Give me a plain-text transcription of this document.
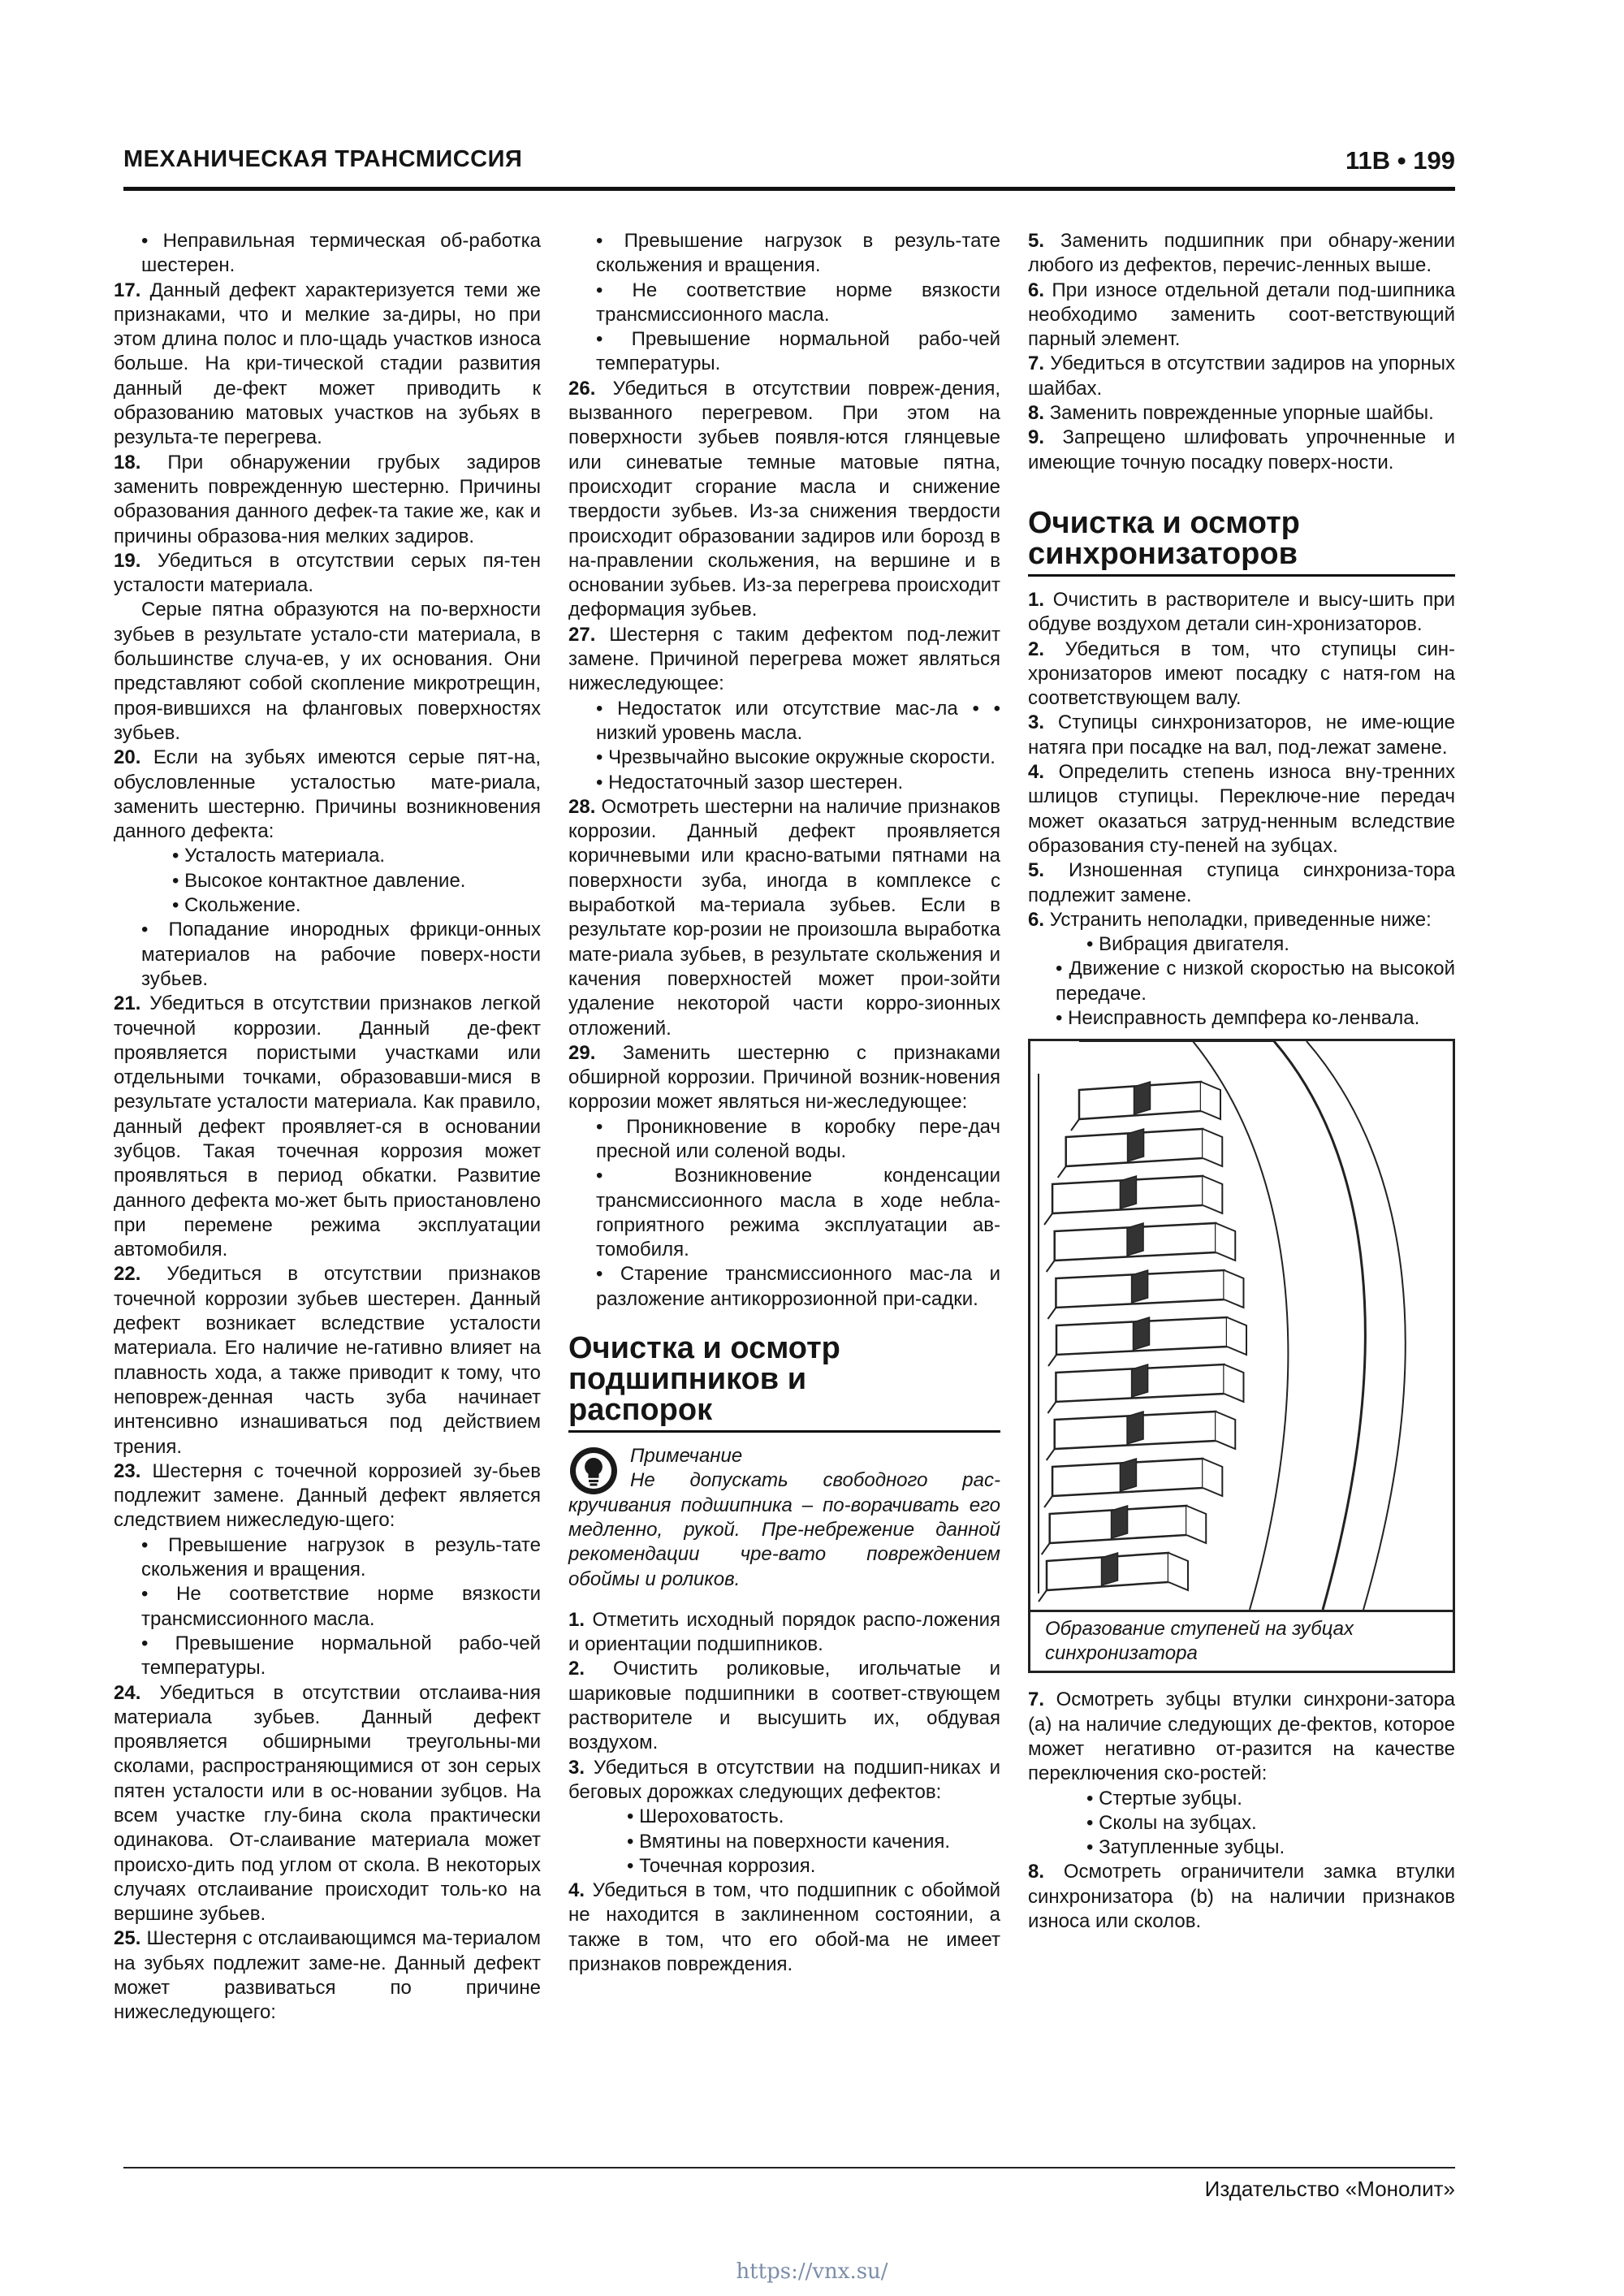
МЕХАНИЧЕСКАЯ ТРАНСМИССИЯ	11B • 199

• Неправильная термическая об-работка шестерен.

17. Данный дефект характеризуется теми же признаками, что и мелкие за-диры, но при этом длина полос и пло-щадь участков износа больше. На кри-тической стадии развития данный де-фект может приводить к образованию матовых участков на зубьях в результа-те перегрева.

18. При обнаружении грубых задиров заменить поврежденную шестерню. Причины образования данного дефек-та такие же, как и причины образова-ния мелких задиров.

19. Убедиться в отсутствии серых пя-тен усталости материала.

Серые пятна образуются на по-верхности зубьев в результате устало-сти материала, в большинстве случа-ев, у их основания. Они представляют собой скопление микротрещин, проя-вившихся на фланговых поверхностях зубьев.

20. Если на зубьях имеются серые пят-на, обусловленные усталостью мате-риала, заменить шестерню. Причины возникновения данного дефекта:

• Усталость материала.

• Высокое контактное давление.

• Скольжение.

• Попадание инородных фрикци-онных материалов на рабочие поверх-ности зубьев.

21. Убедиться в отсутствии признаков легкой точечной коррозии. Данный де-фект проявляется пористыми участками или отдельными точками, образовавши-мися в результате усталости материала. Как правило, данный дефект проявляет-ся в основании зубцов. Такая точечная коррозия может проявляться в период обкатки. Развитие данного дефекта мо-жет быть приостановлено при перемене режима эксплуатации автомобиля.

22. Убедиться в отсутствии признаков точечной коррозии зубьев шестерен. Данный дефект возникает вследствие усталости материала. Его наличие не-гативно влияет на плавность хода, а также приводит к тому, что неповреж-денная часть зуба начинает интенсивно изнашиваться под действием трения.

23. Шестерня с точечной коррозией зу-бьев подлежит замене. Данный дефект является следствием нижеследую-щего:

• Превышение нагрузок в резуль-тате скольжения и вращения.

• Не соответствие норме вязкости трансмиссионного масла.

• Превышение нормальной рабо-чей температуры.

24. Убедиться в отсутствии отслаива-ния материала зубьев. Данный дефект проявляется обширными треугольны-ми сколами, распространяющимися от зон серых пятен усталости или в ос-новании зубцов. На всем участке глу-бина скола практически одинакова. От-слаивание материала может происхо-дить под углом от скола. В некоторых случаях отслаивание происходит толь-ко на вершине зубьев.

25. Шестерня с отслаивающимся ма-териалом на зубьях подлежит заме-не. Данный дефект может развиваться по причине нижеследующего:

• Превышение нагрузок в резуль-тате скольжения и вращения.

• Не соответствие норме вязкости трансмиссионного масла.

• Превышение нормальной рабо-чей температуры.

26. Убедиться в отсутствии повреж-дения, вызванного перегревом. При этом на поверхности зубьев появля-ются глянцевые или синеватые темные матовые пятна, происходит сгорание масла и снижение твердости зубьев. Из-за снижения твердости происходит образовании задиров или борозд в на-правлении скольжения, на вершине и в основании зубьев. Из-за перегрева происходит деформация зубьев.

27. Шестерня с таким дефектом под-лежит замене. Причиной перегрева может являться нижеследующее:

• Недостаток или отсутствие мас-ла • • низкий уровень масла.

• Чрезвычайно высокие окружные скорости.

• Недостаточный зазор шестерен.

28. Осмотреть шестерни на наличие признаков коррозии. Данный дефект проявляется коричневыми или красно-ватыми пятнами на поверхности зуба, иногда в комплексе с выработкой ма-териала зубьев. Если в результате кор-розии не произошла выработка мате-риала зубьев, в результате скольжения и качения поверхностей может прои-зойти удаление некоторой части корро-зионных отложений.

29. Заменить шестерню с признаками обширной коррозии. Причиной возник-новения коррозии может являться ни-жеследующее:

• Проникновение в коробку пере-дач пресной или соленой воды.

• Возникновение конденсации трансмиссионного масла в ходе небла-гоприятного режима эксплуатации ав-томобиля.

• Старение трансмиссионного мас-ла и разложение антикоррозионной при-садки.

Очистка и осмотр подшипников и распорок
Примечание
Не допускать свободного рас-кручивания подшипника – по-ворачивать его медленно, рукой. Пре-небрежение данной рекомендации чре-вато повреждением обоймы и роликов.

1. Отметить исходный порядок распо-ложения и ориентации подшипников.

2. Очистить роликовые, игольчатые и шариковые подшипники в соответ-ствующем растворителе и высушить их, обдувая воздухом.

3. Убедиться в отсутствии на подшип-никах и беговых дорожках следующих дефектов:

• Шероховатость.

• Вмятины на поверхности качения.

• Точечная коррозия.

4. Убедиться в том, что подшипник с обоймой не находится в заклиненном состоянии, а также в том, что его обой-ма не имеет признаков повреждения.

5. Заменить подшипник при обнару-жении любого из дефектов, перечис-ленных выше.

6. При износе отдельной детали под-шипника необходимо заменить соот-ветствующий парный элемент.

7. Убедиться в отсутствии задиров на упорных шайбах.

8. Заменить поврежденные упорные шайбы.

9. Запрещено шлифовать упрочненные и имеющие точную посадку поверх-ности.

Очистка и осмотр синхронизаторов

1. Очистить в растворителе и высу-шить при обдуве воздухом детали син-хронизаторов.

2. Убедиться в том, что ступицы син-хронизаторов имеют посадку с натя-гом на соответствующем валу.

3. Ступицы синхронизаторов, не име-ющие натяга при посадке на вал, под-лежат замене.

4. Определить степень износа вну-тренних шлицов ступицы. Переключе-ние передач может оказаться затруд-ненным вследствие образования сту-пеней на зубцах.

5. Изношенная ступица синхрониза-тора подлежит замене.

6. Устранить неполадки, приведенные ниже:

• Вибрация двигателя.

• Движение с низкой скоростью на высокой передаче.

• Неисправность демпфера ко-ленвала.

Образование ступеней на зубцах синхронизатора

7. Осмотреть зубцы втулки синхрони-затора (а) на наличие следующих де-фектов, которое может негативно от-разится на качестве переключения ско-ростей:

• Стертые зубцы.

• Сколы на зубцах.

• Затупленные зубцы.

8. Осмотреть ограничители замка втулки синхронизатора (b) на наличии признаков износа или сколов.

Издательство «Монолит»
https://vnx.su/
